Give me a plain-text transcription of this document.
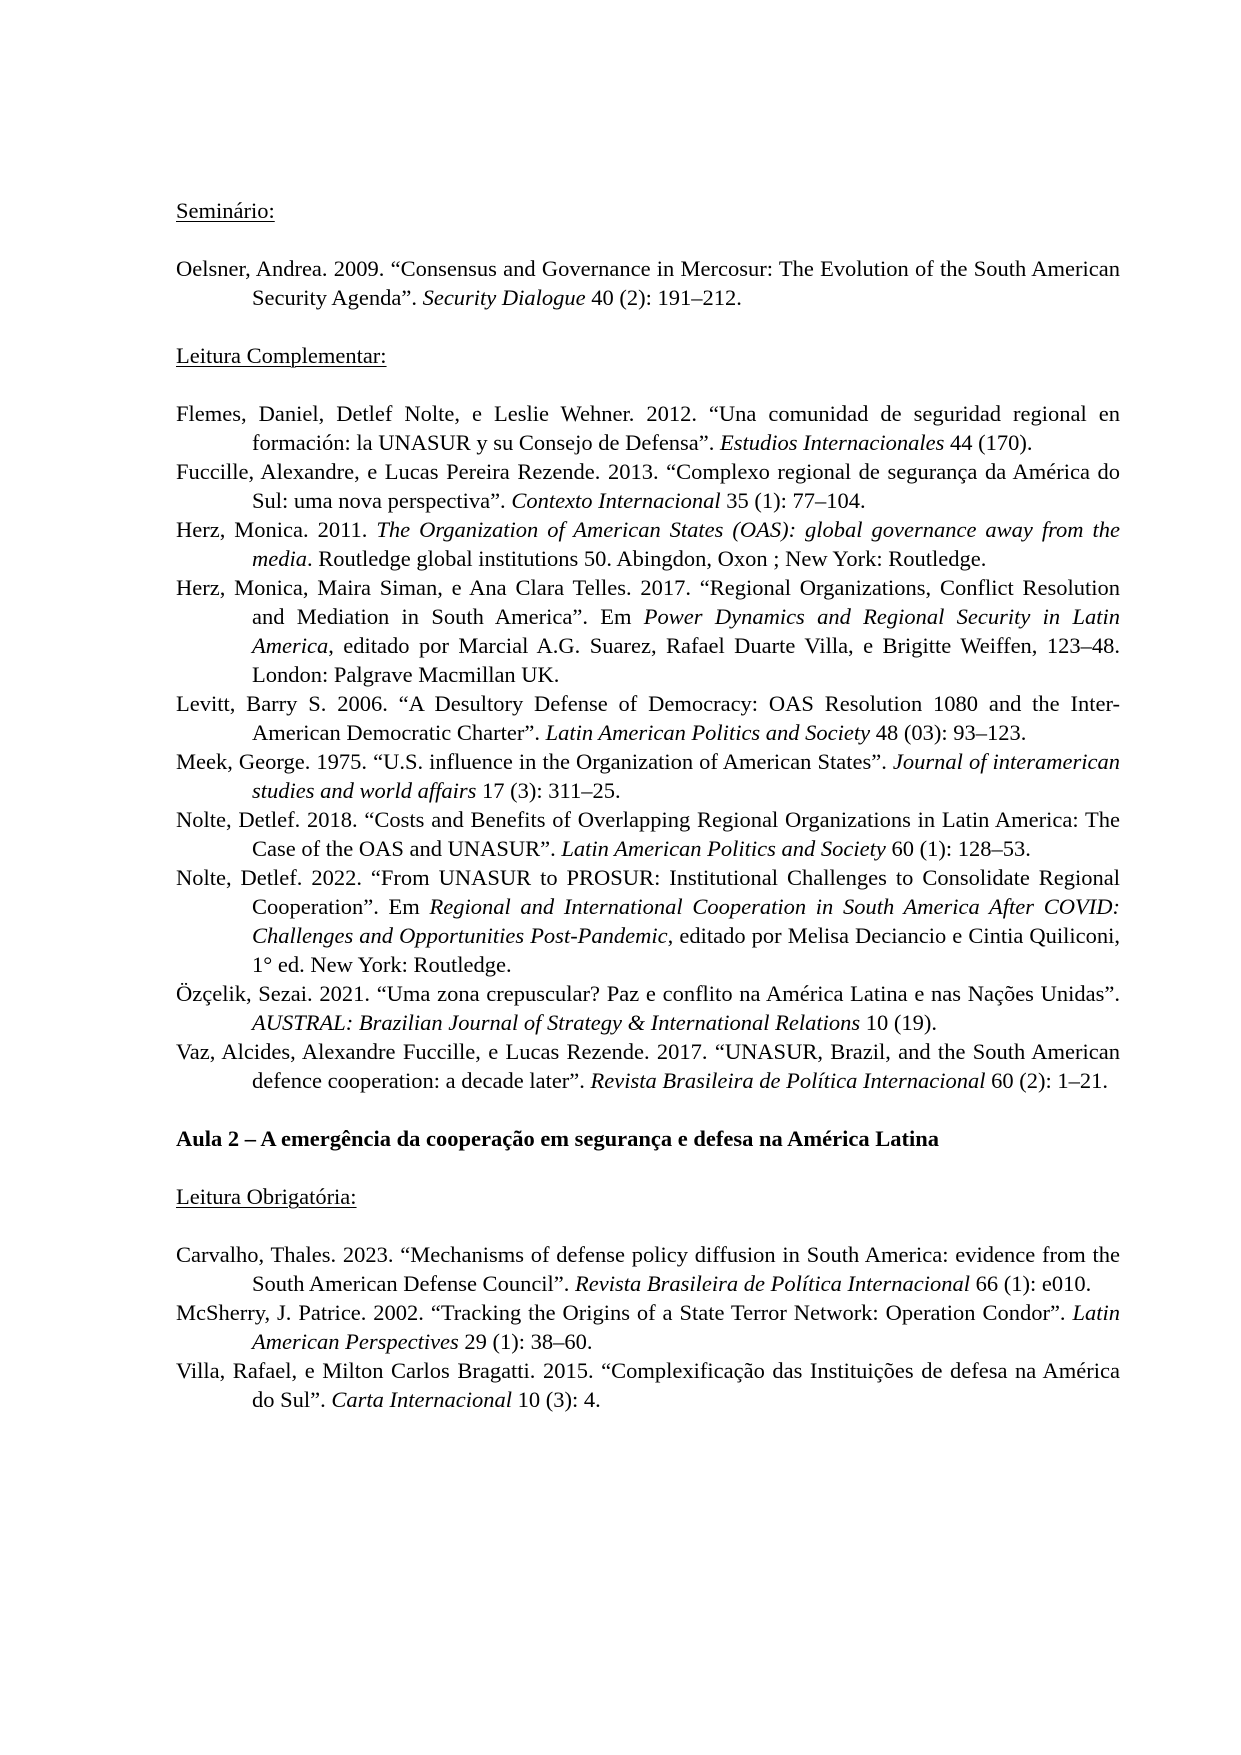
Seminário:

Oelsner, Andrea. 2009. “Consensus and Governance in Mercosur: The Evolution of the South American Security Agenda”. Security Dialogue 40 (2): 191–212.

Leitura Complementar:

Flemes, Daniel, Detlef Nolte, e Leslie Wehner. 2012. “Una comunidad de seguridad regional en formación: la UNASUR y su Consejo de Defensa”. Estudios Internacionales 44 (170).

Fuccille, Alexandre, e Lucas Pereira Rezende. 2013. “Complexo regional de segurança da América do Sul: uma nova perspectiva”. Contexto Internacional 35 (1): 77–104.

Herz, Monica. 2011. The Organization of American States (OAS): global governance away from the media. Routledge global institutions 50. Abingdon, Oxon ; New York: Routledge.

Herz, Monica, Maira Siman, e Ana Clara Telles. 2017. “Regional Organizations, Conflict Resolution and Mediation in South America”. Em Power Dynamics and Regional Security in Latin America, editado por Marcial A.G. Suarez, Rafael Duarte Villa, e Brigitte Weiffen, 123–48. London: Palgrave Macmillan UK.

Levitt, Barry S. 2006. “A Desultory Defense of Democracy: OAS Resolution 1080 and the Inter-American Democratic Charter”. Latin American Politics and Society 48 (03): 93–123.

Meek, George. 1975. “U.S. influence in the Organization of American States”. Journal of interamerican studies and world affairs 17 (3): 311–25.

Nolte, Detlef. 2018. “Costs and Benefits of Overlapping Regional Organizations in Latin America: The Case of the OAS and UNASUR”. Latin American Politics and Society 60 (1): 128–53.

Nolte, Detlef. 2022. “From UNASUR to PROSUR: Institutional Challenges to Consolidate Regional Cooperation”. Em Regional and International Cooperation in South America After COVID: Challenges and Opportunities Post-Pandemic, editado por Melisa Deciancio e Cintia Quiliconi, 1° ed. New York: Routledge.

Özçelik, Sezai. 2021. “Uma zona crepuscular? Paz e conflito na América Latina e nas Nações Unidas”. AUSTRAL: Brazilian Journal of Strategy & International Relations 10 (19).

Vaz, Alcides, Alexandre Fuccille, e Lucas Rezende. 2017. “UNASUR, Brazil, and the South American defence cooperation: a decade later”. Revista Brasileira de Política Internacional 60 (2): 1–21.

Aula 2 – A emergência da cooperação em segurança e defesa na América Latina

Leitura Obrigatória:

Carvalho, Thales. 2023. “Mechanisms of defense policy diffusion in South America: evidence from the South American Defense Council”. Revista Brasileira de Política Internacional 66 (1): e010.

McSherry, J. Patrice. 2002. “Tracking the Origins of a State Terror Network: Operation Condor”. Latin American Perspectives 29 (1): 38–60.

Villa, Rafael, e Milton Carlos Bragatti. 2015. “Complexificação das Instituições de defesa na América do Sul”. Carta Internacional 10 (3): 4.
